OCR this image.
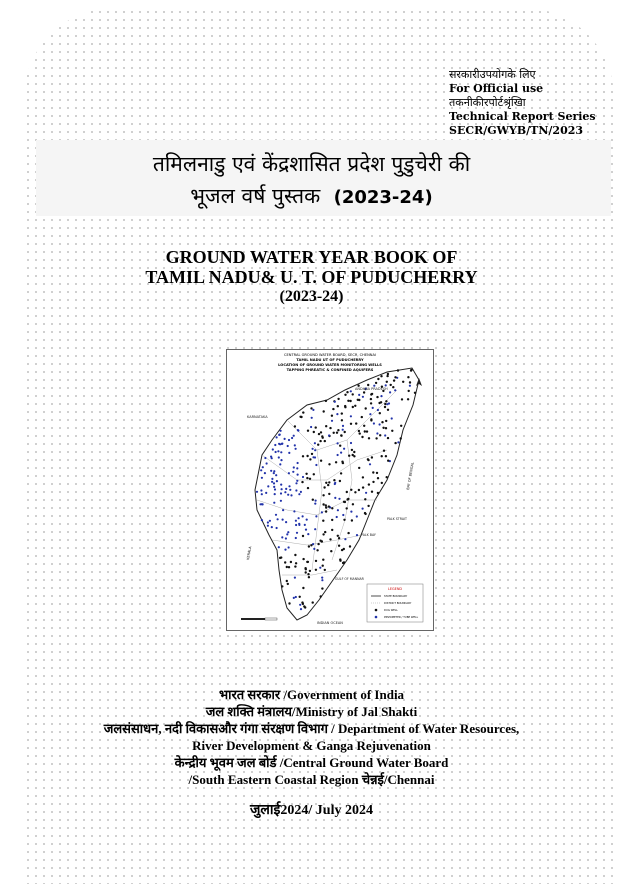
सरकारीउपयोगके लिए
For Official use
तकनीकीरपोर्टश्रृंखिा
Technical Report Series
SECR/GWYB/TN/2023
तमिलनाडु एवं केंद्रशासित प्रदेश पुडुचेरी की
भूजल वर्ष पुस्तक (2023-24)
GROUND WATER YEAR BOOK OF
TAMIL NADU& U. T. OF PUDUCHERRY
(2023-24)
CENTRAL GROUND WATER BOARD, SECR, CHENNAI
TAMIL NADU UT OF PUDUCHERRY
LOCATION OF GROUND WATER MONITORING WELLS
TAPPING PHREATIC & CONFINED AQUIFERS
KARNATAKA
ANDHRA PRADESH
KERALA
BAY OF BENGAL
PALK STRAIT
PALK BAY
GULF OF MANNAR
INDIAN OCEAN
LEGEND
STATE BOUNDARY
DISTRICT BOUNDARY
DUG WELL
PIEZOMETER / TUBE WELL
भारत सरकार /Government of India
जल शक्ति मंत्रालय/Ministry of Jal Shakti
जलसंसाधन, नदी विकासऔर गंगा संरक्षण विभाग / Department of Water Resources,
River Development & Ganga Rejuvenation
केन्द्रीय भूवम जल बोर्ड /Central Ground Water Board
/South Eastern Coastal Region चेन्नई/Chennai
जुलाई2024/ July 2024
